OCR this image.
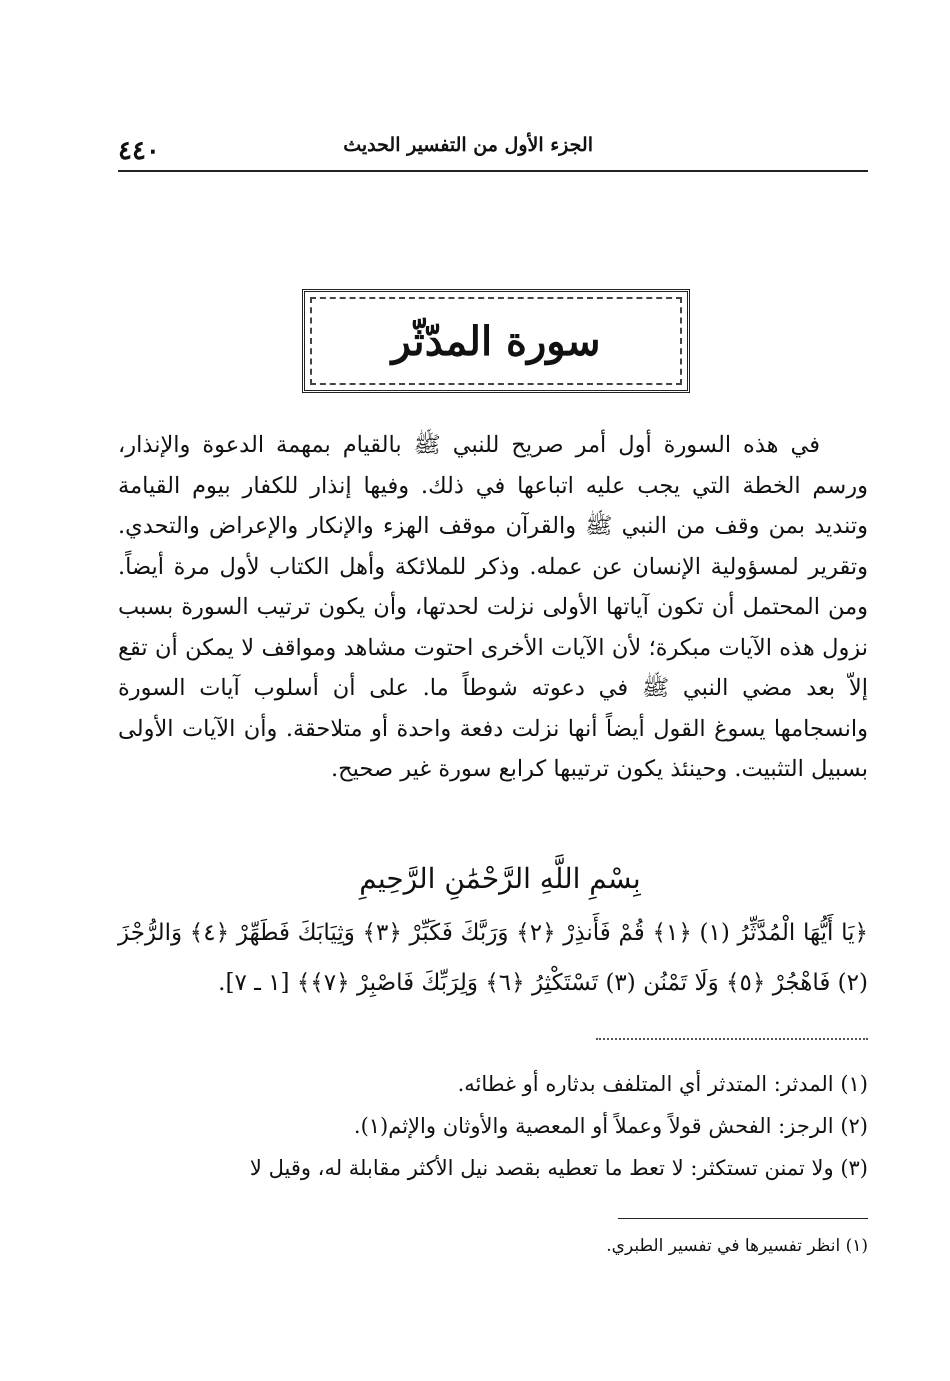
الجزء الأول من التفسير الحديث
٤٤٠
سورة المدّثّر
في هذه السورة أول أمر صريح للنبي ﷺ بالقيام بمهمة الدعوة والإنذار، ورسم الخطة التي يجب عليه اتباعها في ذلك. وفيها إنذار للكفار بيوم القيامة وتنديد بمن وقف من النبي ﷺ والقرآن موقف الهزء والإنكار والإعراض والتحدي. وتقرير لمسؤولية الإنسان عن عمله. وذكر للملائكة وأهل الكتاب لأول مرة أيضاً. ومن المحتمل أن تكون آياتها الأولى نزلت لحدتها، وأن يكون ترتيب السورة بسبب نزول هذه الآيات مبكرة؛ لأن الآيات الأخرى احتوت مشاهد ومواقف لا يمكن أن تقع إلاّ بعد مضي النبي ﷺ في دعوته شوطاً ما. على أن أسلوب آيات السورة وانسجامها يسوغ القول أيضاً أنها نزلت دفعة واحدة أو متلاحقة. وأن الآيات الأولى بسبيل التثبيت. وحينئذ يكون ترتيبها كرابع سورة غير صحيح.
بِسْمِ اللَّهِ الرَّحْمَٰنِ الرَّحِيمِ
﴿يَا أَيُّهَا الْمُدَّثِّرُ (١) ﴿١﴾ قُمْ فَأَنذِرْ ﴿٢﴾ وَرَبَّكَ فَكَبِّرْ ﴿٣﴾ وَثِيَابَكَ فَطَهِّرْ ﴿٤﴾ وَالرُّجْزَ (٢) فَاهْجُرْ ﴿٥﴾ وَلَا تَمْنُن (٣) تَسْتَكْثِرُ ﴿٦﴾ وَلِرَبِّكَ فَاصْبِرْ ﴿٧﴾﴾ [١ ـ ٧].

(١) المدثر: المتدثر أي المتلفف بدثاره أو غطائه.

(٢) الرجز: الفحش قولاً وعملاً أو المعصية والأوثان والإثم(١).

(٣) ولا تمنن تستكثر: لا تعط ما تعطيه بقصد نيل الأكثر مقابلة له، وقيل لا

(١) انظر تفسيرها في تفسير الطبري.
